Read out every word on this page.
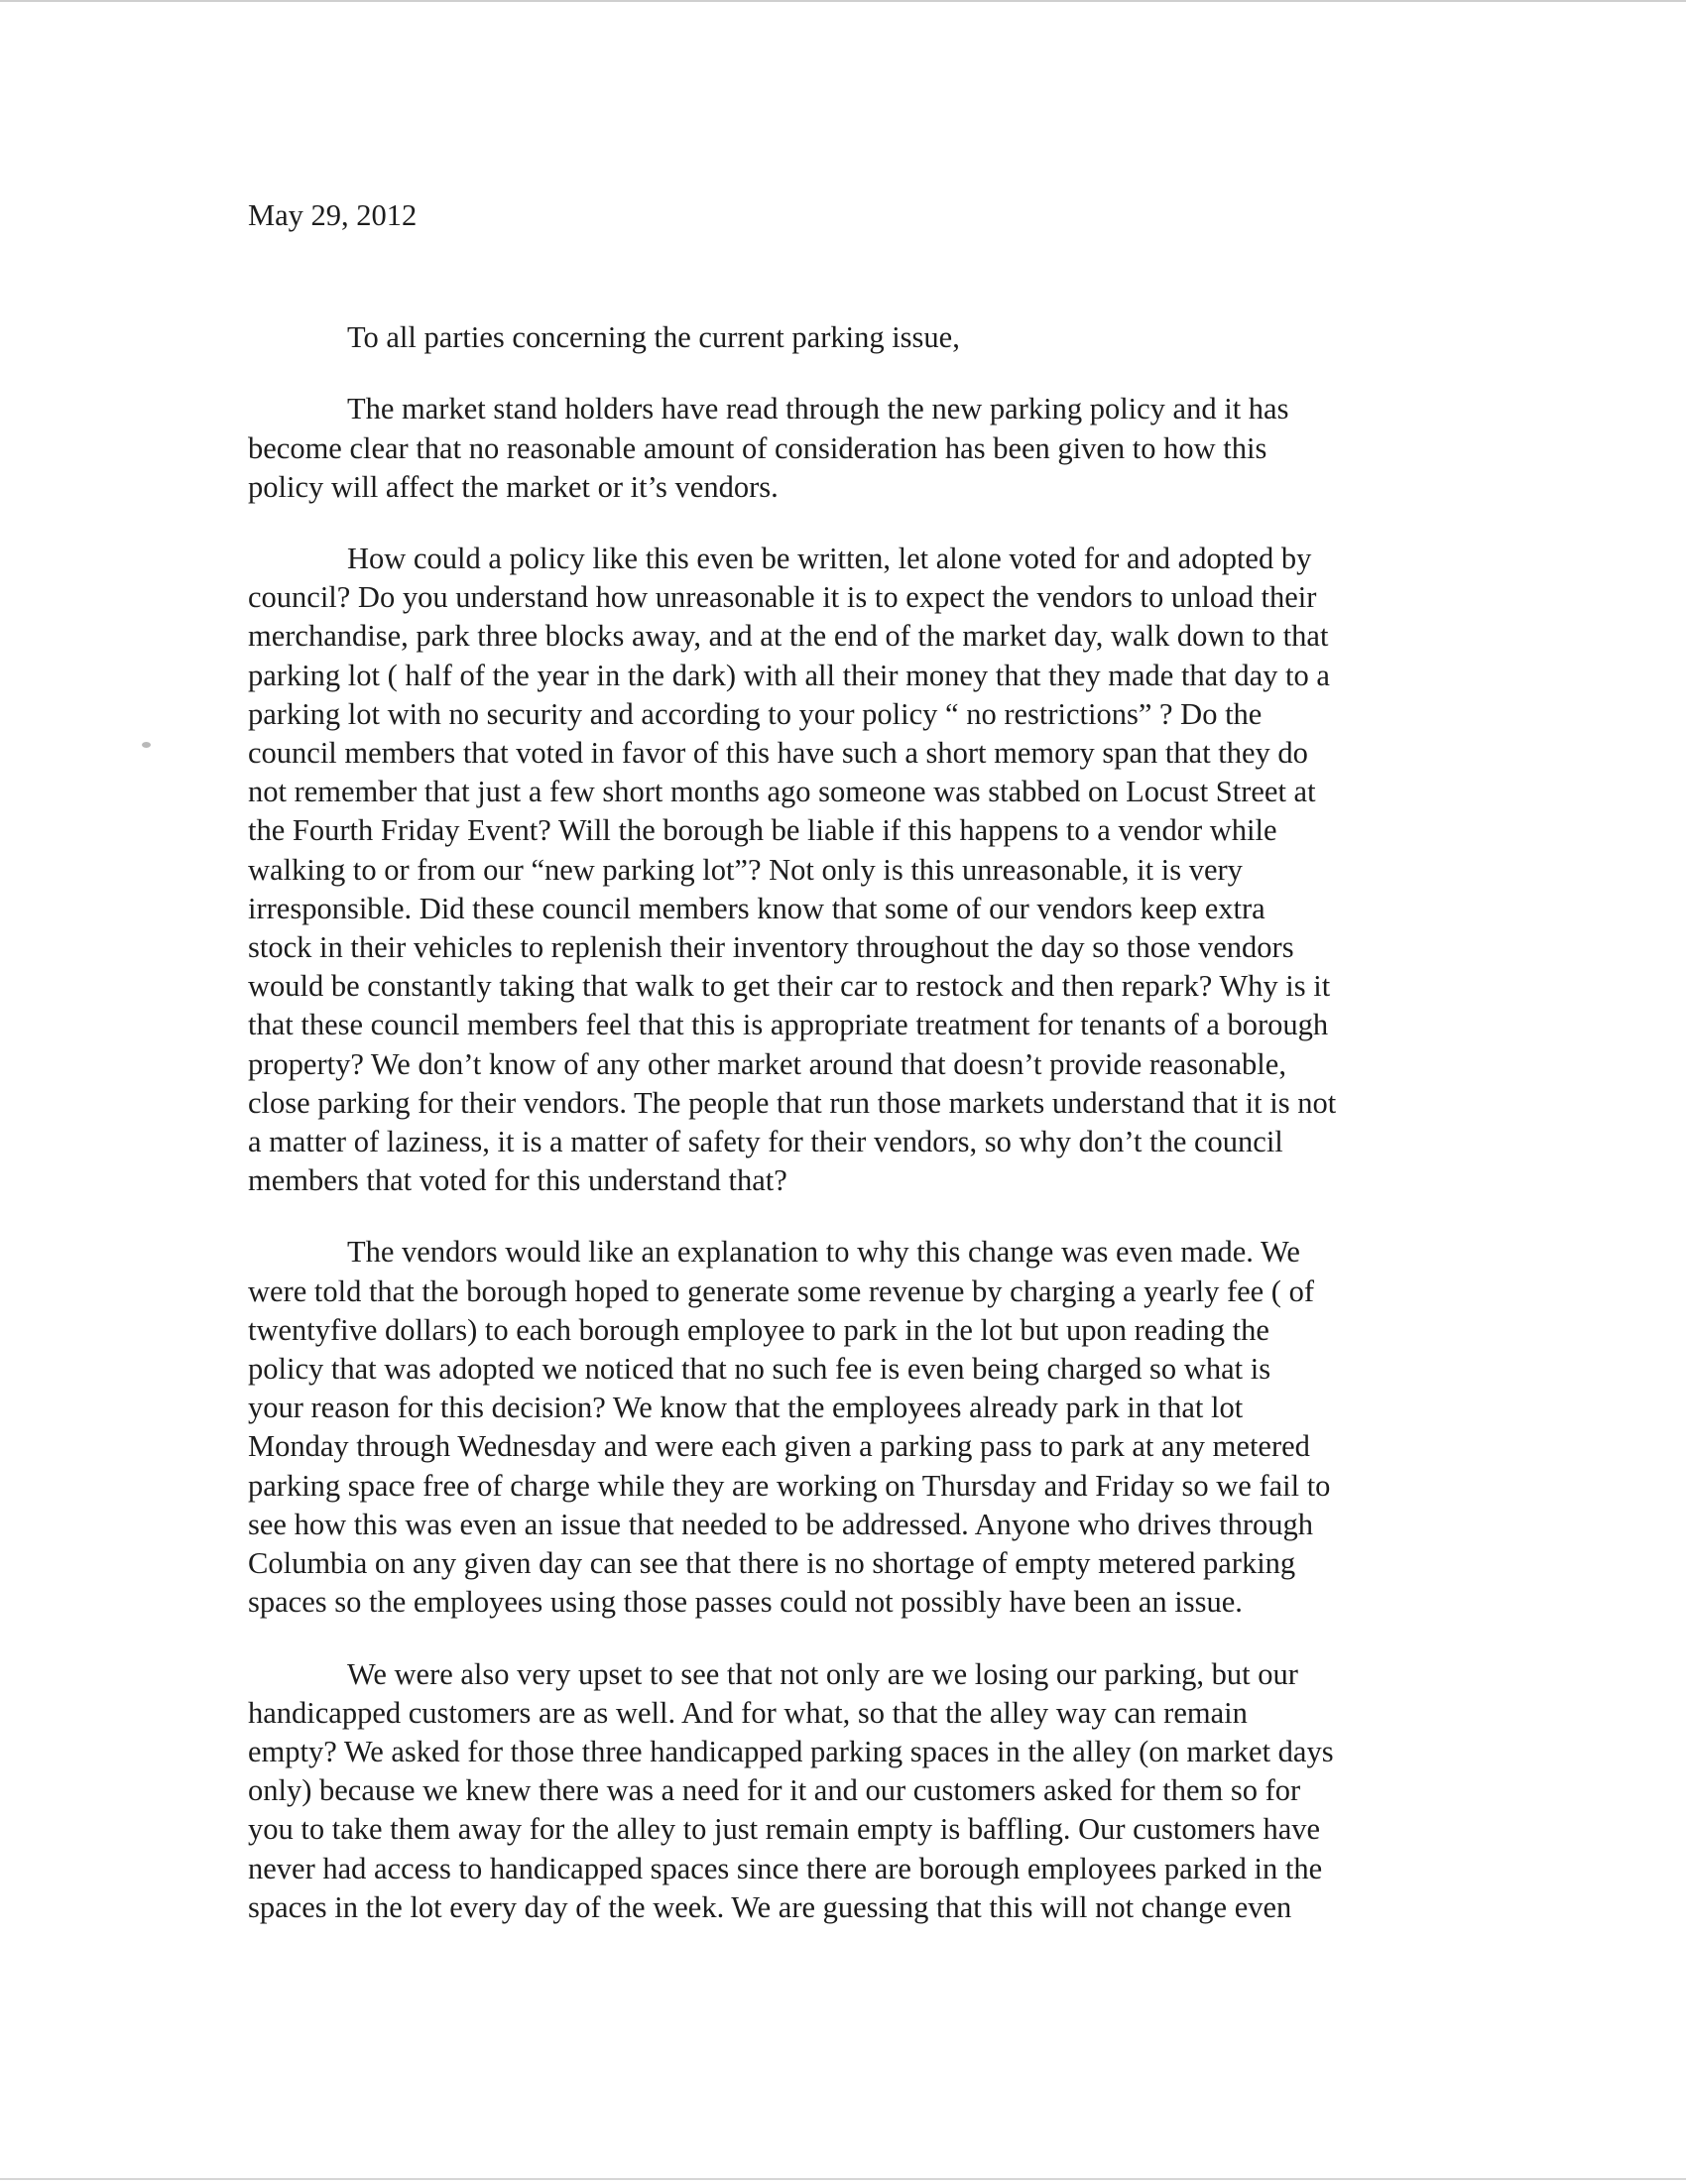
May 29, 2012
To all parties concerning the current parking issue,
The market stand holders have read through the new parking policy and it has
become clear that no reasonable amount of consideration has been given to how this
policy will affect the market or it’s vendors.
How could a policy like this even be written, let alone voted for and adopted by
council? Do you understand how unreasonable it is to expect the vendors to unload their
merchandise, park three blocks away, and at the end of the market day, walk down to that
parking lot ( half of the year in the dark) with all their money that they made that day to a
parking lot with no security and according to your policy “ no restrictions” ? Do the
council members that voted in favor of this have such a short memory span that they do
not remember that just a few short months ago someone was stabbed on Locust Street at
the Fourth Friday Event? Will the borough be liable if this happens to a vendor while
walking to or from our “new parking lot”? Not only is this unreasonable, it is very
irresponsible. Did these council members know that some of our vendors keep extra
stock in their vehicles to replenish their inventory throughout the day so those vendors
would be constantly taking that walk to get their car to restock and then repark? Why is it
that these council members feel that this is appropriate treatment for tenants of a borough
property? We don’t know of any other market around that doesn’t provide reasonable,
close parking for their vendors. The people that run those markets understand that it is not
a matter of laziness, it is a matter of safety for their vendors, so why don’t the council
members that voted for this understand that?
The vendors would like an explanation to why this change was even made. We
were told that the borough hoped to generate some revenue by charging a yearly fee ( of
twentyfive dollars) to each borough employee to park in the lot but upon reading the
policy that was adopted we noticed that no such fee is even being charged so what is
your reason for this decision? We know that the employees already park in that lot
Monday through Wednesday and were each given a parking pass to park at any metered
parking space free of charge while they are working on Thursday and Friday so we fail to
see how this was even an issue that needed to be addressed. Anyone who drives through
Columbia on any given day can see that there is no shortage of empty metered parking
spaces so the employees using those passes could not possibly have been an issue.
We were also very upset to see that not only are we losing our parking, but our
handicapped customers are as well. And for what, so that the alley way can remain
empty? We asked for those three handicapped parking spaces in the alley (on market days
only) because we knew there was a need for it and our customers asked for them so for
you to take them away for the alley to just remain empty is baffling. Our customers have
never had access to handicapped spaces since there are borough employees parked in the
spaces in the lot every day of the week. We are guessing that this will not change even
